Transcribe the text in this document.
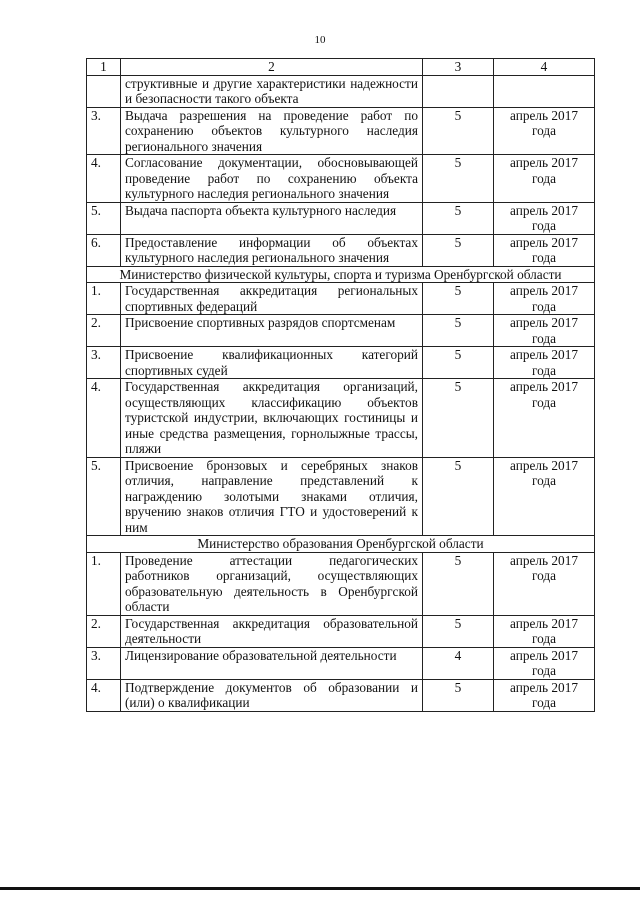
10
1	2	3	4
	структивные и другие характеристики надежности и безопасности такого объекта		
3.	Выдача разрешения на проведение работ по сохранению объектов культурного наследия регионального значения	5	апрель 2017 года
4.	Согласование документации, обосновывающей проведение работ по сохранению объекта культурного наследия регионального значения	5	апрель 2017 года
5.	Выдача паспорта объекта культурного наследия	5	апрель 2017 года
6.	Предоставление информации об объектах культурного наследия регионального значения	5	апрель 2017 года
Министерство физической культуры, спорта и туризма Оренбургской области			
1.	Государственная аккредитация региональных спортивных федераций	5	апрель 2017 года
2.	Присвоение спортивных разрядов спортсменам	5	апрель 2017 года
3.	Присвоение квалификационных категорий спортивных судей	5	апрель 2017 года
4.	Государственная аккредитация организаций, осуществляющих классификацию объектов туристской индустрии, включающих гостиницы и иные средства размещения, горнолыжные трассы, пляжи	5	апрель 2017 года
5.	Присвоение бронзовых и серебряных знаков отличия, направление представлений к награждению золотыми знаками отличия, вручению знаков отличия ГТО и удостоверений к ним	5	апрель 2017 года
Министерство образования Оренбургской области			
1.	Проведение аттестации педагогических работников организаций, осуществляющих образовательную деятельность в Оренбургской области	5	апрель 2017 года
2.	Государственная аккредитация образовательной деятельности	5	апрель 2017 года
3.	Лицензирование образовательной деятельности	4	апрель 2017 года
4.	Подтверждение документов об образовании и (или) о квалификации	5	апрель 2017 года
